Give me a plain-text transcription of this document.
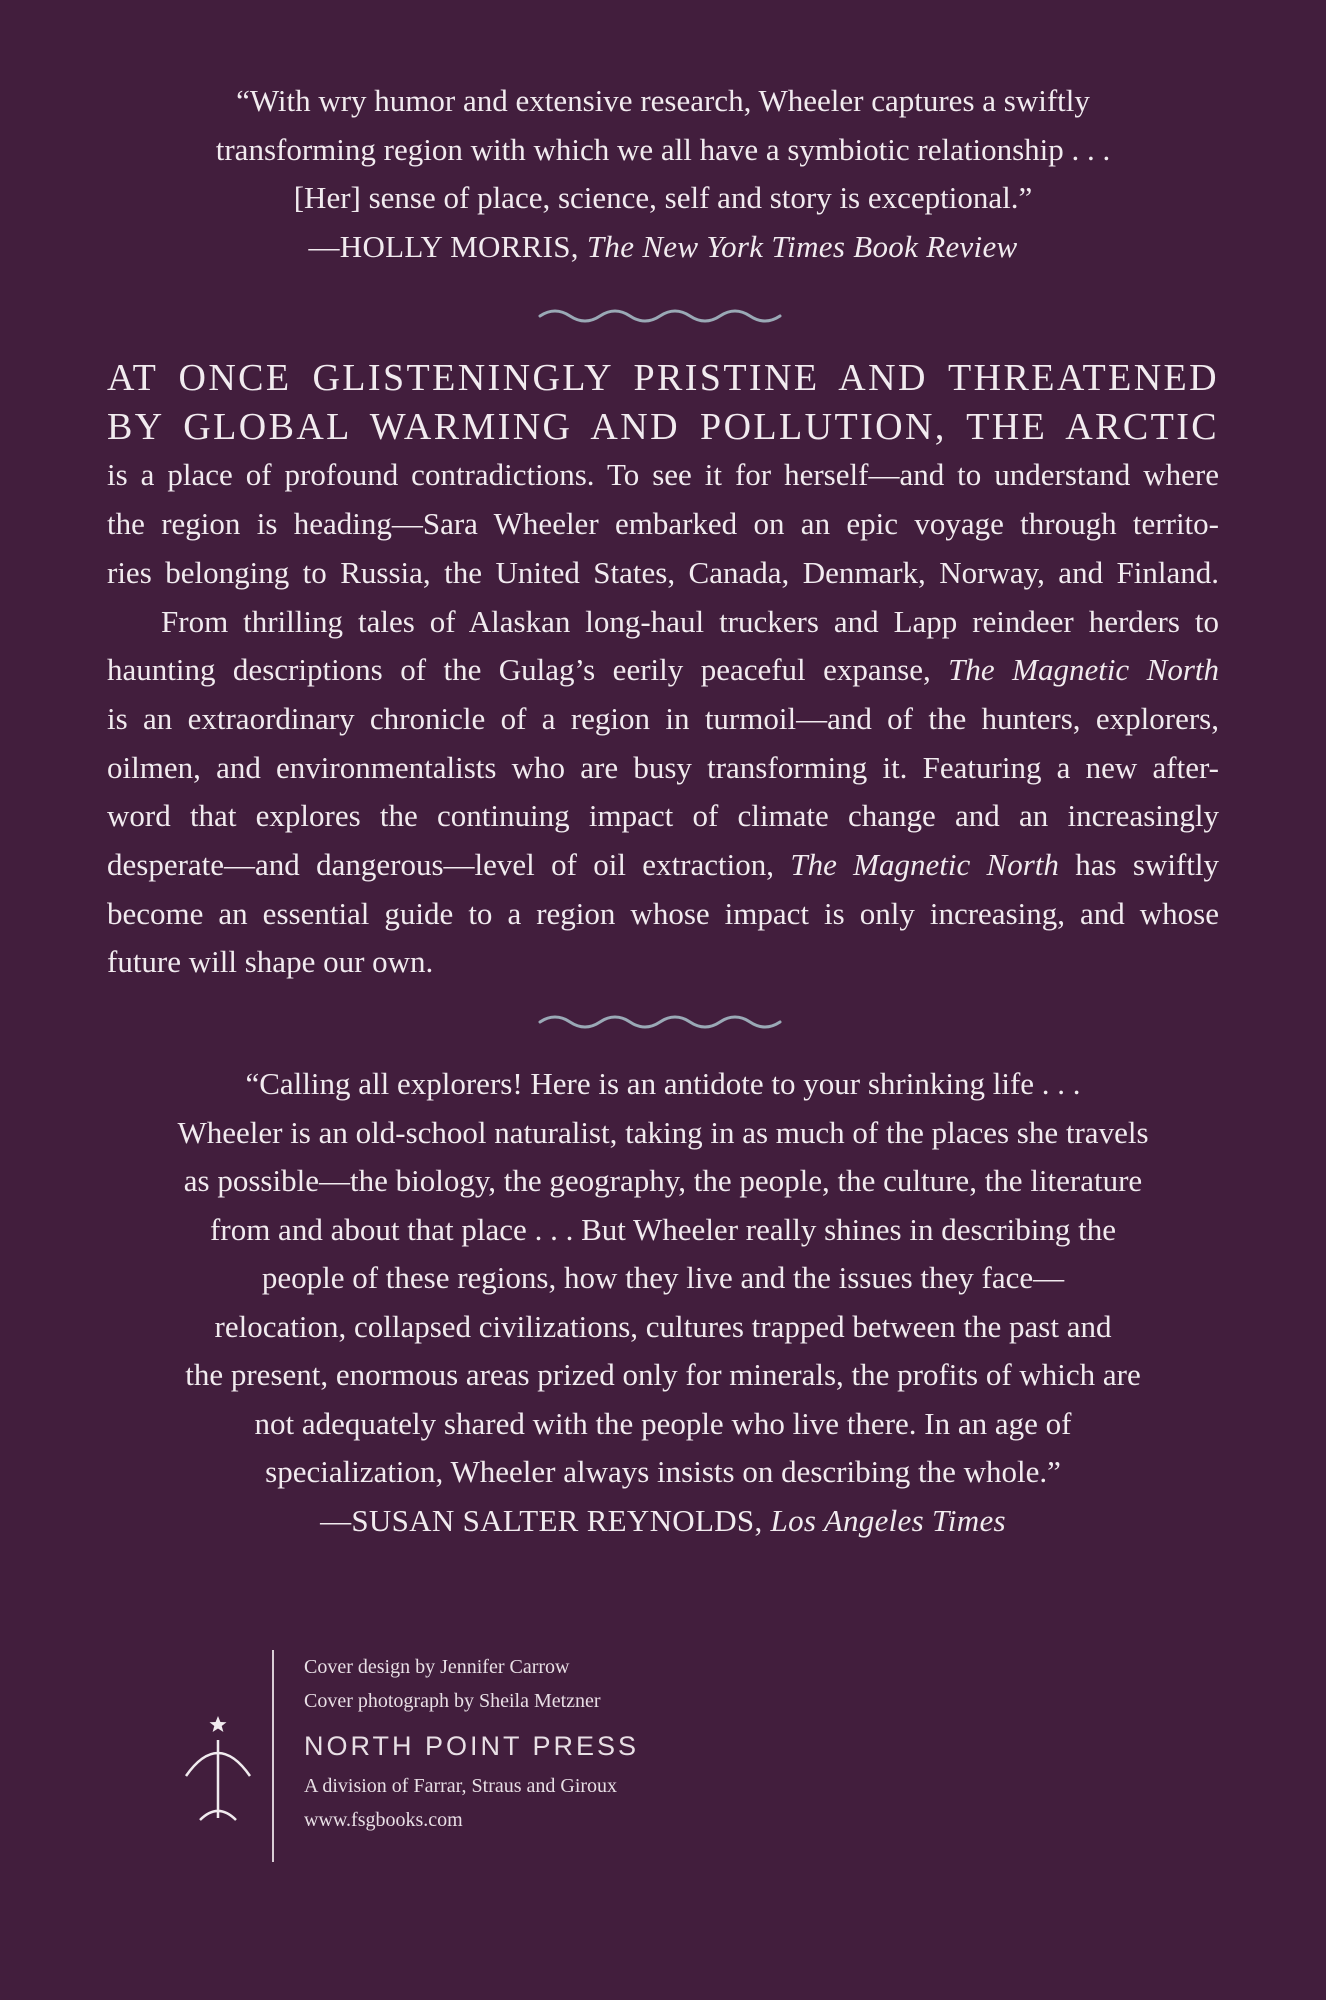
“With wry humor and extensive research, Wheeler captures a swiftly

transforming region with which we all have a symbiotic relationship . . .

[Her] sense of place, science, self and story is exceptional.”

—HOLLY MORRIS, The New York Times Book Review

AT ONCE GLISTENINGLY PRISTINE AND THREATENED
BY GLOBAL WARMING AND POLLUTION, THE ARCTIC
is a place of profound contradictions. To see it for herself—and to understand where
the region is heading—Sara Wheeler embarked on an epic voyage through territo-
ries belonging to Russia, the United States, Canada, Denmark, Norway, and Finland.
From thrilling tales of Alaskan long-haul truckers and Lapp reindeer herders to
haunting descriptions of the Gulag’s eerily peaceful expanse, The Magnetic North
is an extraordinary chronicle of a region in turmoil—and of the hunters, explorers,
oilmen, and environmentalists who are busy transforming it. Featuring a new after-
word that explores the continuing impact of climate change and an increasingly
desperate—and dangerous—level of oil extraction, The Magnetic North has swiftly
become an essential guide to a region whose impact is only increasing, and whose
future will shape our own.

“Calling all explorers! Here is an antidote to your shrinking life . . .

Wheeler is an old-school naturalist, taking in as much of the places she travels

as possible—the biology, the geography, the people, the culture, the literature

from and about that place . . . But Wheeler really shines in describing the

people of these regions, how they live and the issues they face—

relocation, collapsed civilizations, cultures trapped between the past and

the present, enormous areas prized only for minerals, the profits of which are

not adequately shared with the people who live there. In an age of

specialization, Wheeler always insists on describing the whole.”

—SUSAN SALTER REYNOLDS, Los Angeles Times

Cover design by Jennifer Carrow
Cover photograph by Sheila Metzner
NORTH POINT PRESS
A division of Farrar, Straus and Giroux
www.fsgbooks.com
